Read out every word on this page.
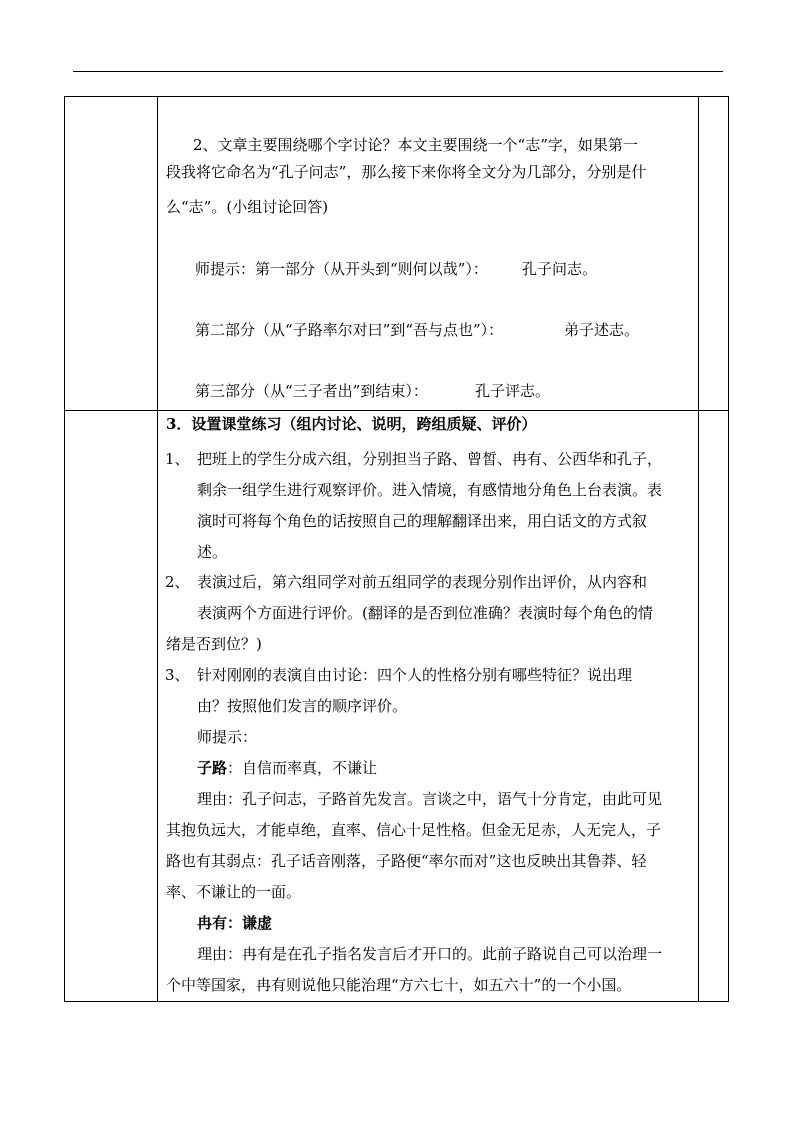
2、文章主要围绕哪个字讨论？本文主要围绕一个“志”字，如果第一
段我将它命名为“孔子问志”，那么接下来你将全文分为几部分，分别是什
么“志”。(小组讨论回答)
师提示：第一部分（从开头到“则何以哉”）： 孔子问志。
第二部分（从“子路率尔对曰”到“吾与点也”）：	弟子述志。
第三部分（从“三子者出”到结束）：	孔子评志。
3．设置课堂练习（组内讨论、说明，跨组质疑、评价）
1、 把班上的学生分成六组，分别担当子路、曾皙、冉有、公西华和孔子，
剩余一组学生进行观察评价。进入情境，有感情地分角色上台表演。表
演时可将每个角色的话按照自己的理解翻译出来，用白话文的方式叙
述。
2、 表演过后，第六组同学对前五组同学的表现分别作出评价，从内容和
表演两个方面进行评价。(翻译的是否到位准确？表演时每个角色的情
绪是否到位？)
3、 针对刚刚的表演自由讨论：四个人的性格分别有哪些特征？说出理
由？按照他们发言的顺序评价。
师提示：
子路：自信而率真，不谦让
理由：孔子问志，子路首先发言。言谈之中，语气十分肯定，由此可见
其抱负远大，才能卓绝，直率、信心十足性格。但金无足赤，人无完人，子
路也有其弱点：孔子话音刚落，子路便“率尔而对”这也反映出其鲁莽、轻
率、不谦让的一面。
冉有：谦虚
理由：冉有是在孔子指名发言后才开口的。此前子路说自己可以治理一
个中等国家，冉有则说他只能治理“方六七十，如五六十”的一个小国。
